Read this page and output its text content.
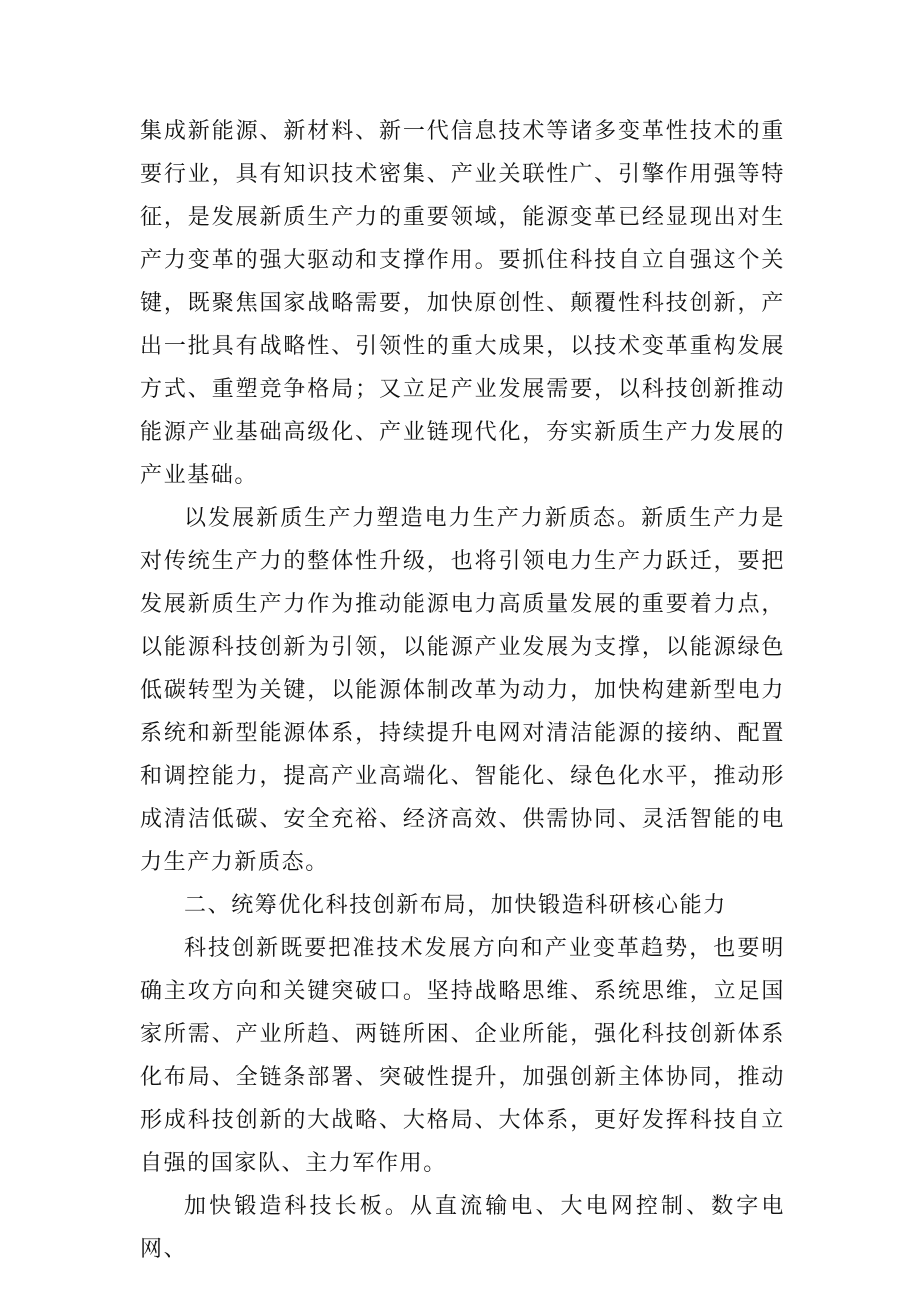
集成新能源、新材料、新一代信息技术等诸多变革性技术的重要行业，具有知识技术密集、产业关联性广、引擎作用强等特征，是发展新质生产力的重要领域，能源变革已经显现出对生产力变革的强大驱动和支撑作用。要抓住科技自立自强这个关键，既聚焦国家战略需要，加快原创性、颠覆性科技创新，产出一批具有战略性、引领性的重大成果，以技术变革重构发展方式、重塑竞争格局；又立足产业发展需要，以科技创新推动能源产业基础高级化、产业链现代化，夯实新质生产力发展的产业基础。

以发展新质生产力塑造电力生产力新质态。新质生产力是对传统生产力的整体性升级，也将引领电力生产力跃迁，要把发展新质生产力作为推动能源电力高质量发展的重要着力点，以能源科技创新为引领，以能源产业发展为支撑，以能源绿色低碳转型为关键，以能源体制改革为动力，加快构建新型电力系统和新型能源体系，持续提升电网对清洁能源的接纳、配置和调控能力，提高产业高端化、智能化、绿色化水平，推动形成清洁低碳、安全充裕、经济高效、供需协同、灵活智能的电力生产力新质态。

二、统筹优化科技创新布局，加快锻造科研核心能力

科技创新既要把准技术发展方向和产业变革趋势，也要明确主攻方向和关键突破口。坚持战略思维、系统思维，立足国家所需、产业所趋、两链所困、企业所能，强化科技创新体系化布局、全链条部署、突破性提升，加强创新主体协同，推动形成科技创新的大战略、大格局、大体系，更好发挥科技自立自强的国家队、主力军作用。

加快锻造科技长板。从直流输电、大电网控制、数字电网、
